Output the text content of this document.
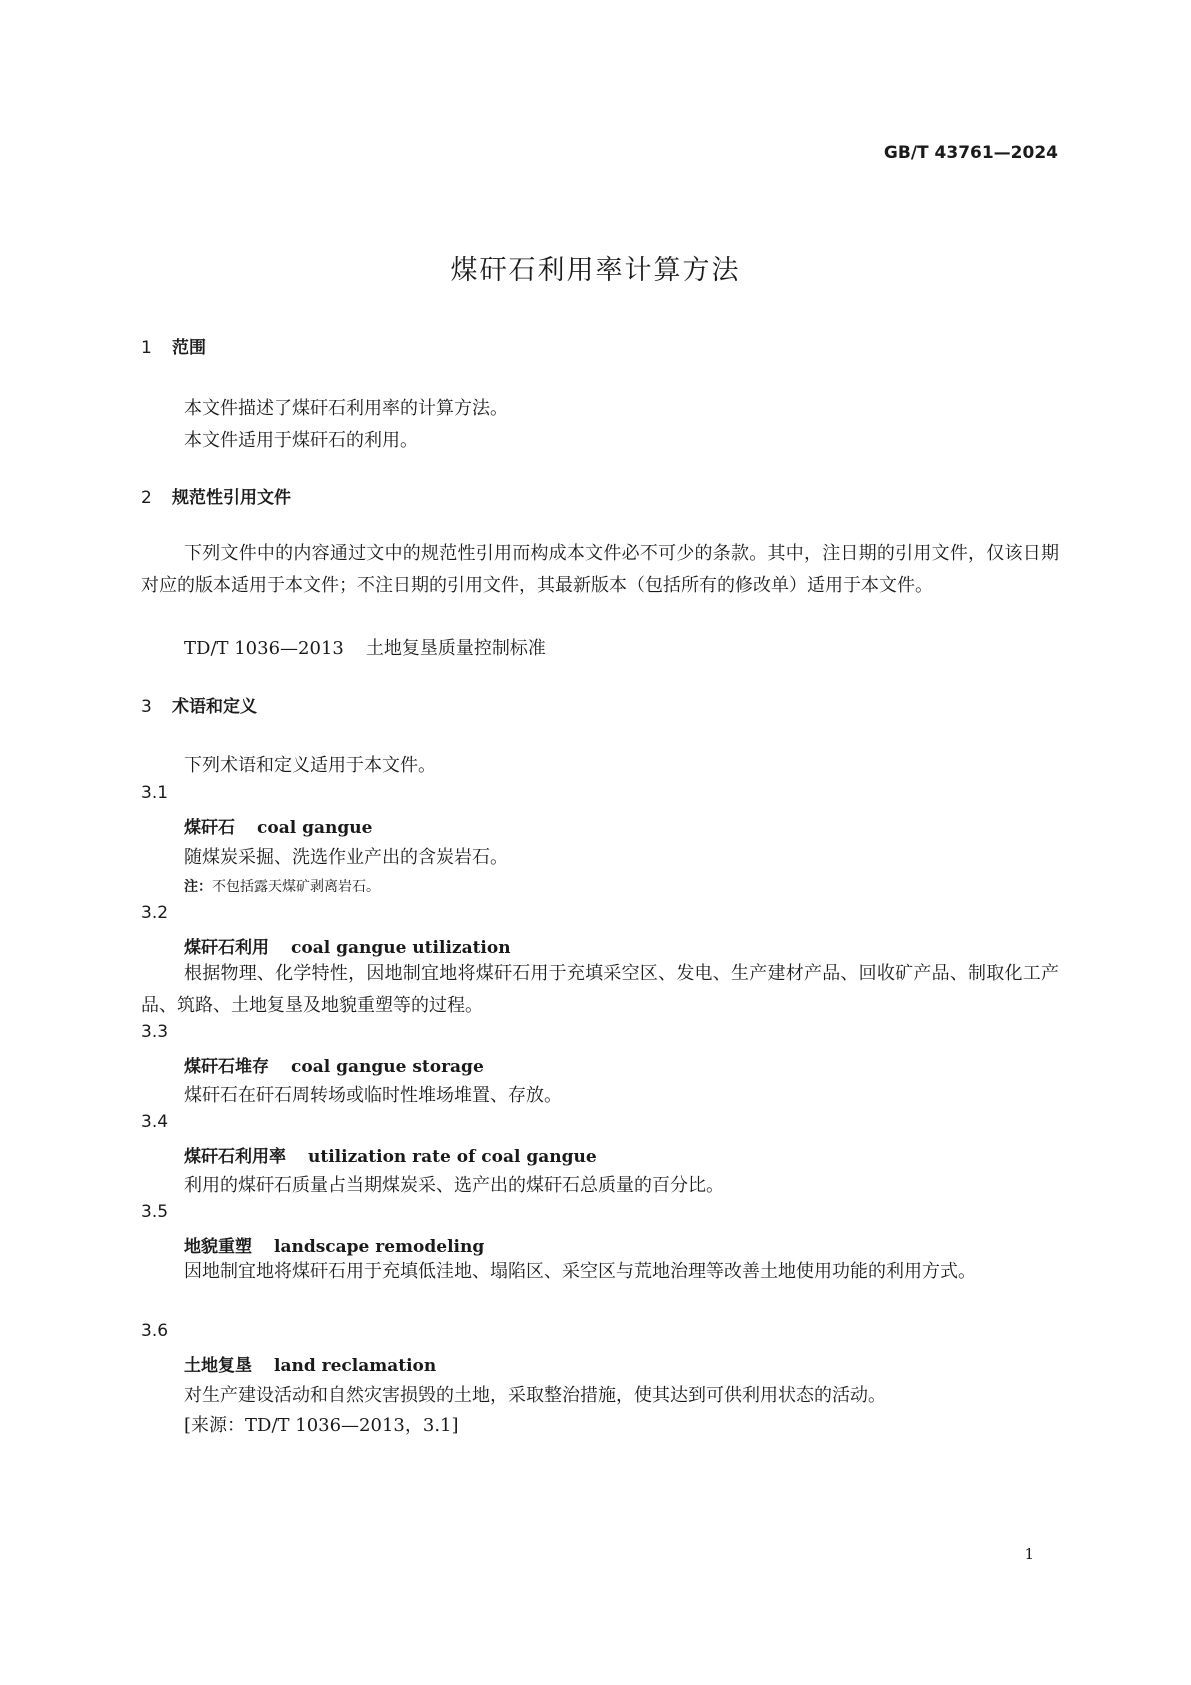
GB/T 43761—2024
煤矸石利用率计算方法
1 范围
本文件描述了煤矸石利用率的计算方法。
本文件适用于煤矸石的利用。
2 规范性引用文件
下列文件中的内容通过文中的规范性引用而构成本文件必不可少的条款。其中，注日期的引用文件，仅该日期对应的版本适用于本文件；不注日期的引用文件，其最新版本（包括所有的修改单）适用于本文件。
TD/T 1036—2013 土地复垦质量控制标准
3 术语和定义
下列术语和定义适用于本文件。
3.1
煤矸石 coal gangue
随煤炭采掘、洗选作业产出的含炭岩石。
注：不包括露天煤矿剥离岩石。
3.2
煤矸石利用 coal gangue utilization
根据物理、化学特性，因地制宜地将煤矸石用于充填采空区、发电、生产建材产品、回收矿产品、制取化工产品、筑路、土地复垦及地貌重塑等的过程。
3.3
煤矸石堆存 coal gangue storage
煤矸石在矸石周转场或临时性堆场堆置、存放。
3.4
煤矸石利用率 utilization rate of coal gangue
利用的煤矸石质量占当期煤炭采、选产出的煤矸石总质量的百分比。
3.5
地貌重塑 landscape remodeling
因地制宜地将煤矸石用于充填低洼地、塌陷区、采空区与荒地治理等改善土地使用功能的利用方式。
3.6
土地复垦 land reclamation
对生产建设活动和自然灾害损毁的土地，采取整治措施，使其达到可供利用状态的活动。
[来源：TD/T 1036—2013，3.1]
1
